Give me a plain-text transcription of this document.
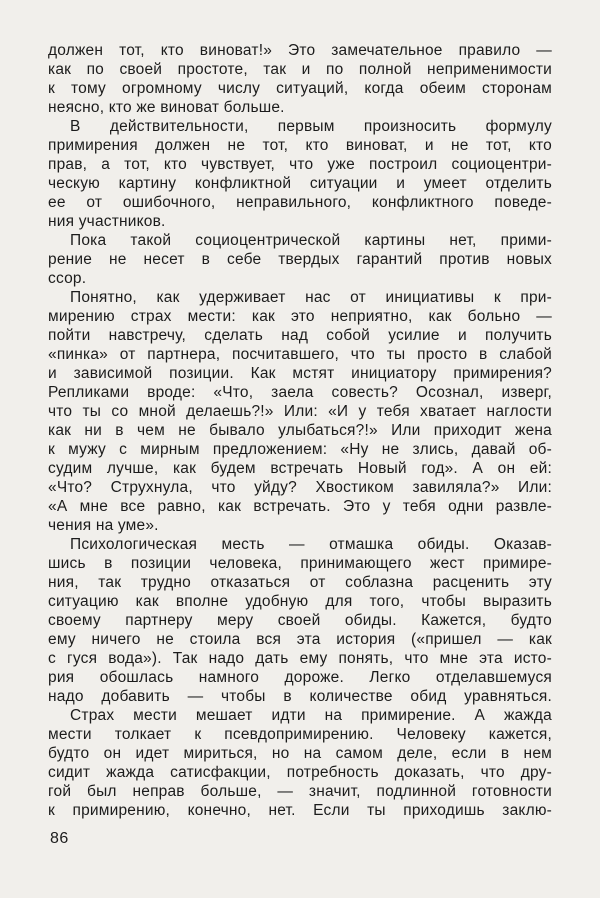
должен тот, кто виноват!» Это замечательное правило —
как по своей простоте, так и по полной неприменимости
к тому огромному числу ситуаций, когда обеим сторонам
неясно, кто же виноват больше.
В действительности, первым произносить формулу
примирения должен не тот, кто виноват, и не тот, кто
прав, а тот, кто чувствует, что уже построил социоцентри-
ческую картину конфликтной ситуации и умеет отделить
ее от ошибочного, неправильного, конфликтного поведе-
ния участников.
Пока такой социоцентрической картины нет, прими-
рение не несет в себе твердых гарантий против новых
ссор.
Понятно, как удерживает нас от инициативы к при-
мирению страх мести: как это неприятно, как больно —
пойти навстречу, сделать над собой усилие и получить
«пинка» от партнера, посчитавшего, что ты просто в слабой
и зависимой позиции. Как мстят инициатору примирения?
Репликами вроде: «Что, заела совесть? Осознал, изверг,
что ты со мной делаешь?!» Или: «И у тебя хватает наглости
как ни в чем не бывало улыбаться?!» Или приходит жена
к мужу с мирным предложением: «Ну не злись, давай об-
судим лучше, как будем встречать Новый год». А он ей:
«Что? Струхнула, что уйду? Хвостиком завиляла?» Или:
«А мне все равно, как встречать. Это у тебя одни развле-
чения на уме».
Психологическая месть — отмашка обиды. Оказав-
шись в позиции человека, принимающего жест примире-
ния, так трудно отказаться от соблазна расценить эту
ситуацию как вполне удобную для того, чтобы выразить
своему партнеру меру своей обиды. Кажется, будто
ему ничего не стоила вся эта история («пришел — как
с гуся вода»). Так надо дать ему понять, что мне эта исто-
рия обошлась намного дороже. Легко отделавшемуся
надо добавить — чтобы в количестве обид уравняться.
Страх мести мешает идти на примирение. А жажда
мести толкает к псевдопримирению. Человеку кажется,
будто он идет мириться, но на самом деле, если в нем
сидит жажда сатисфакции, потребность доказать, что дру-
гой был неправ больше, — значит, подлинной готовности
к примирению, конечно, нет. Если ты приходишь заклю-
86
